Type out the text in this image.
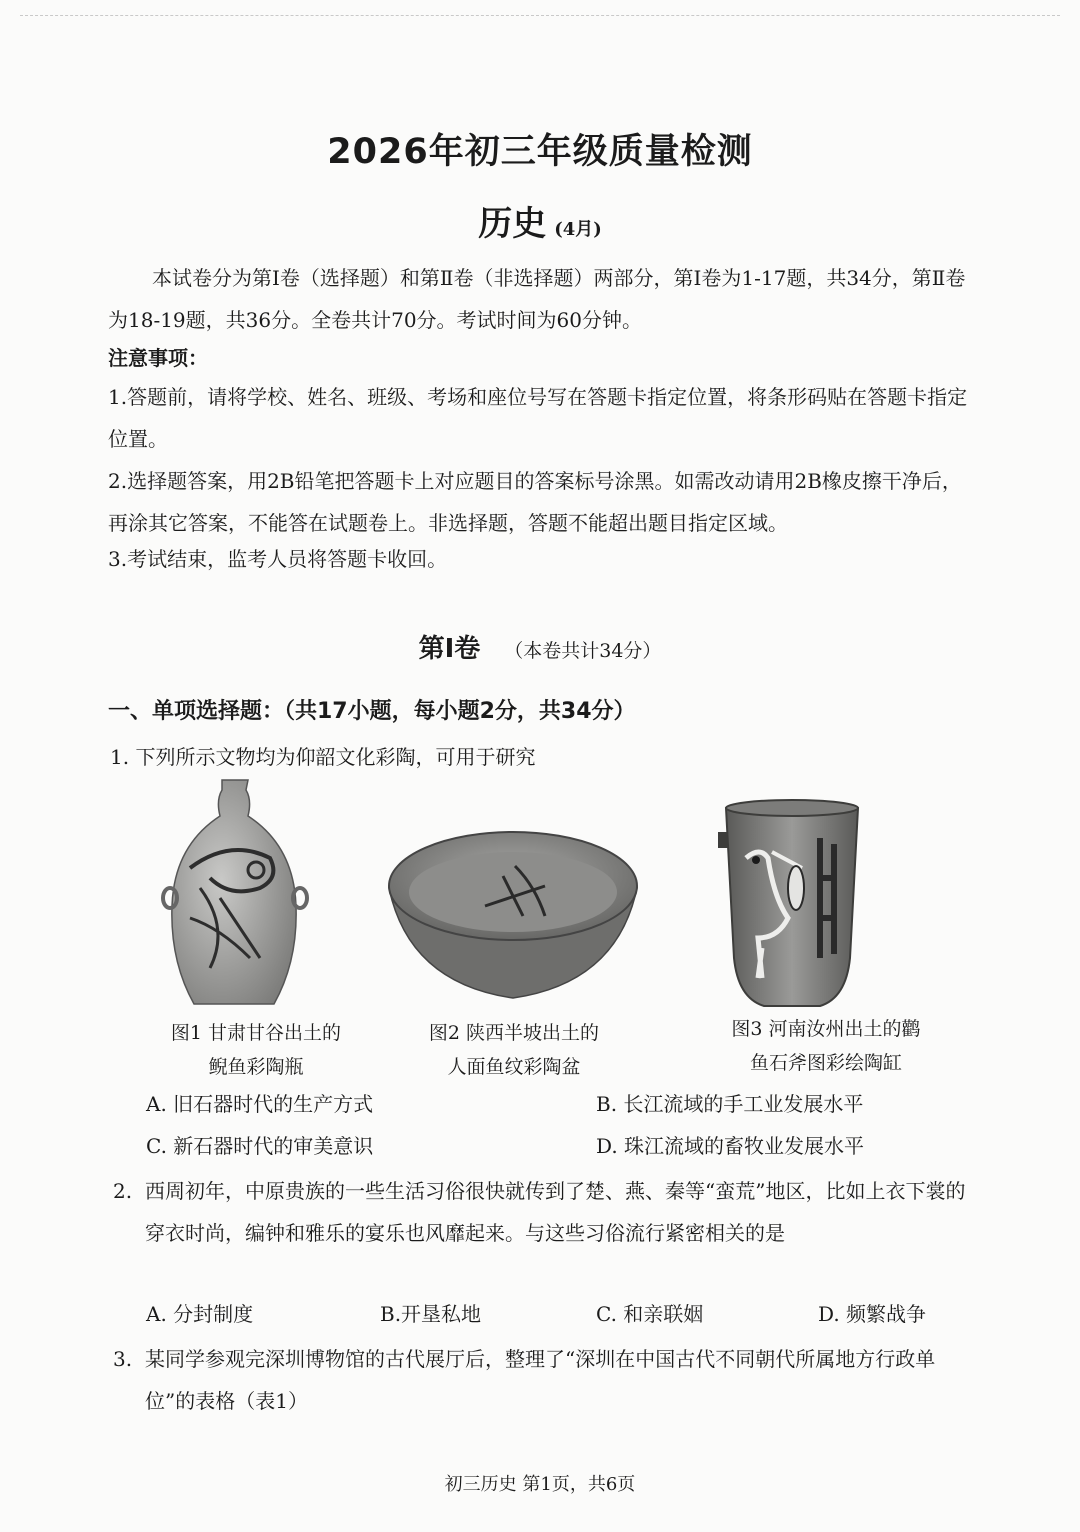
2026年初三年级质量检测
历史 (4月)

本试卷分为第Ⅰ卷（选择题）和第Ⅱ卷（非选择题）两部分，第Ⅰ卷为1-17题，共34分，第Ⅱ卷为18-19题，共36分。全卷共计70分。考试时间为60分钟。

注意事项：

1.答题前，请将学校、姓名、班级、考场和座位号写在答题卡指定位置，将条形码贴在答题卡指定位置。

2.选择题答案，用2B铅笔把答题卡上对应题目的答案标号涂黑。如需改动请用2B橡皮擦干净后，再涂其它答案，不能答在试题卷上。非选择题，答题不能超出题目指定区域。

3.考试结束，监考人员将答题卡收回。

第Ⅰ卷 （本卷共计34分）
一、单项选择题：（共17小题，每小题2分，共34分）
1. 下列所示文物均为仰韶文化彩陶，可用于研究
图1 甘肃甘谷出土的
鲵鱼彩陶瓶
图2 陕西半坡出土的
人面鱼纹彩陶盆
图3 河南汝州出土的鹳
鱼石斧图彩绘陶缸
A. 旧石器时代的生产方式	B. 长江流域的手工业发展水平
C. 新石器时代的审美意识	D. 珠江流域的畜牧业发展水平
2. 西周初年，中原贵族的一些生活习俗很快就传到了楚、燕、秦等“蛮荒”地区，比如上衣下裳的穿衣时尚，编钟和雅乐的宴乐也风靡起来。与这些习俗流行紧密相关的是
A. 分封制度	B.开垦私地	C. 和亲联姻	D. 频繁战争
3. 某同学参观完深圳博物馆的古代展厅后，整理了“深圳在中国古代不同朝代所属地方行政单位”的表格（表1）
初三历史 第1页，共6页
